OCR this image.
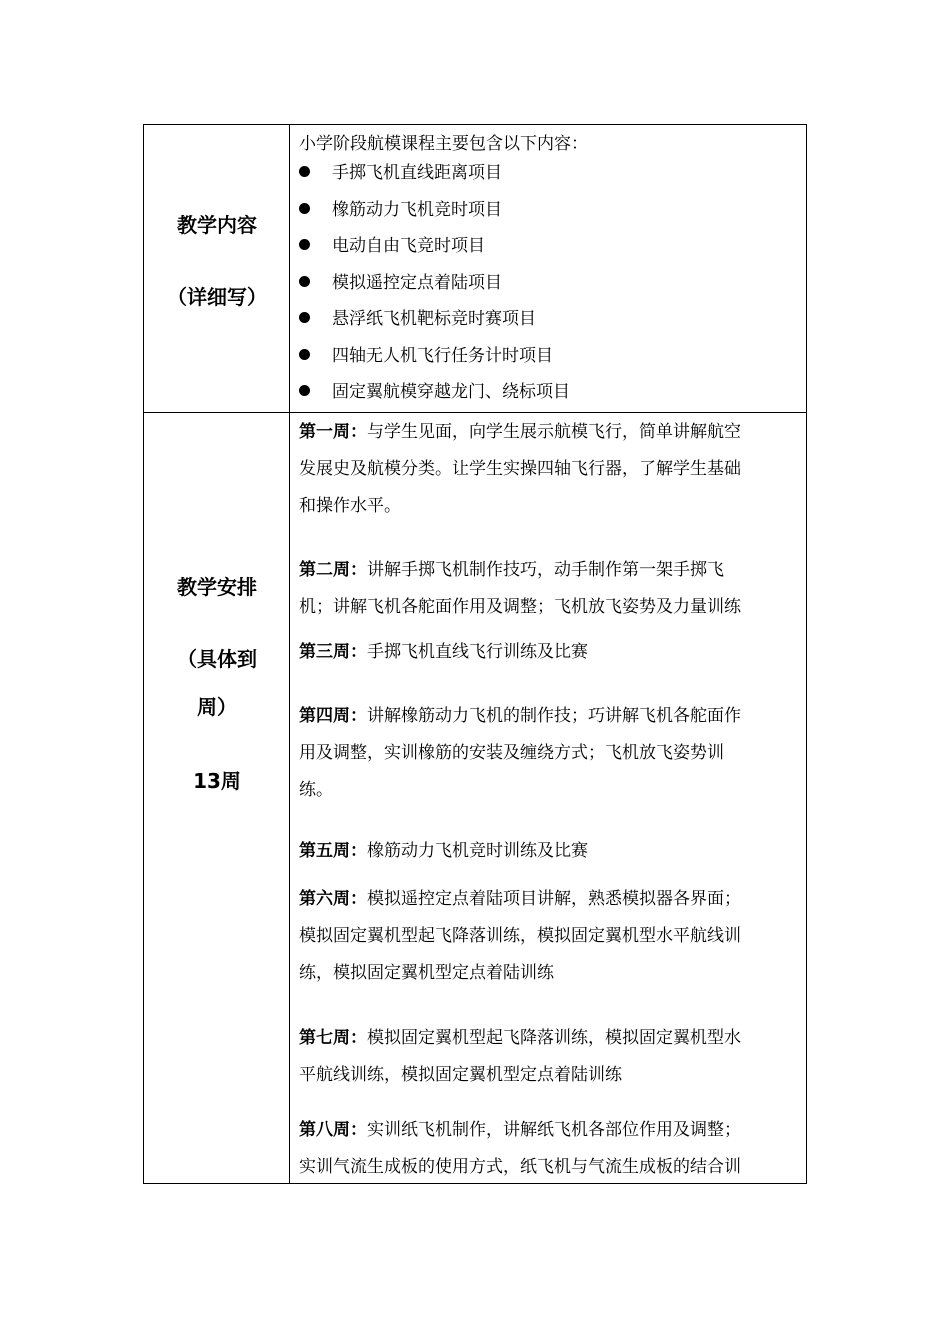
教学内容
（详细写）
小学阶段航模课程主要包含以下内容：
手掷飞机直线距离项目
橡筋动力飞机竞时项目
电动自由飞竞时项目
模拟遥控定点着陆项目
悬浮纸飞机靶标竞时赛项目
四轴无人机飞行任务计时项目
固定翼航模穿越龙门、绕标项目
教学安排
（具体到
周）
13周
第一周：与学生见面，向学生展示航模飞行，简单讲解航空
发展史及航模分类。让学生实操四轴飞行器，了解学生基础
和操作水平。
第二周：讲解手掷飞机制作技巧，动手制作第一架手掷飞
机；讲解飞机各舵面作用及调整；飞机放飞姿势及力量训练
第三周：手掷飞机直线飞行训练及比赛
第四周：讲解橡筋动力飞机的制作技；巧讲解飞机各舵面作
用及调整，实训橡筋的安装及缠绕方式；飞机放飞姿势训
练。
第五周：橡筋动力飞机竞时训练及比赛
第六周：模拟遥控定点着陆项目讲解，熟悉模拟器各界面；
模拟固定翼机型起飞降落训练，模拟固定翼机型水平航线训
练，模拟固定翼机型定点着陆训练
第七周：模拟固定翼机型起飞降落训练，模拟固定翼机型水
平航线训练，模拟固定翼机型定点着陆训练
第八周：实训纸飞机制作，讲解纸飞机各部位作用及调整；
实训气流生成板的使用方式，纸飞机与气流生成板的结合训
